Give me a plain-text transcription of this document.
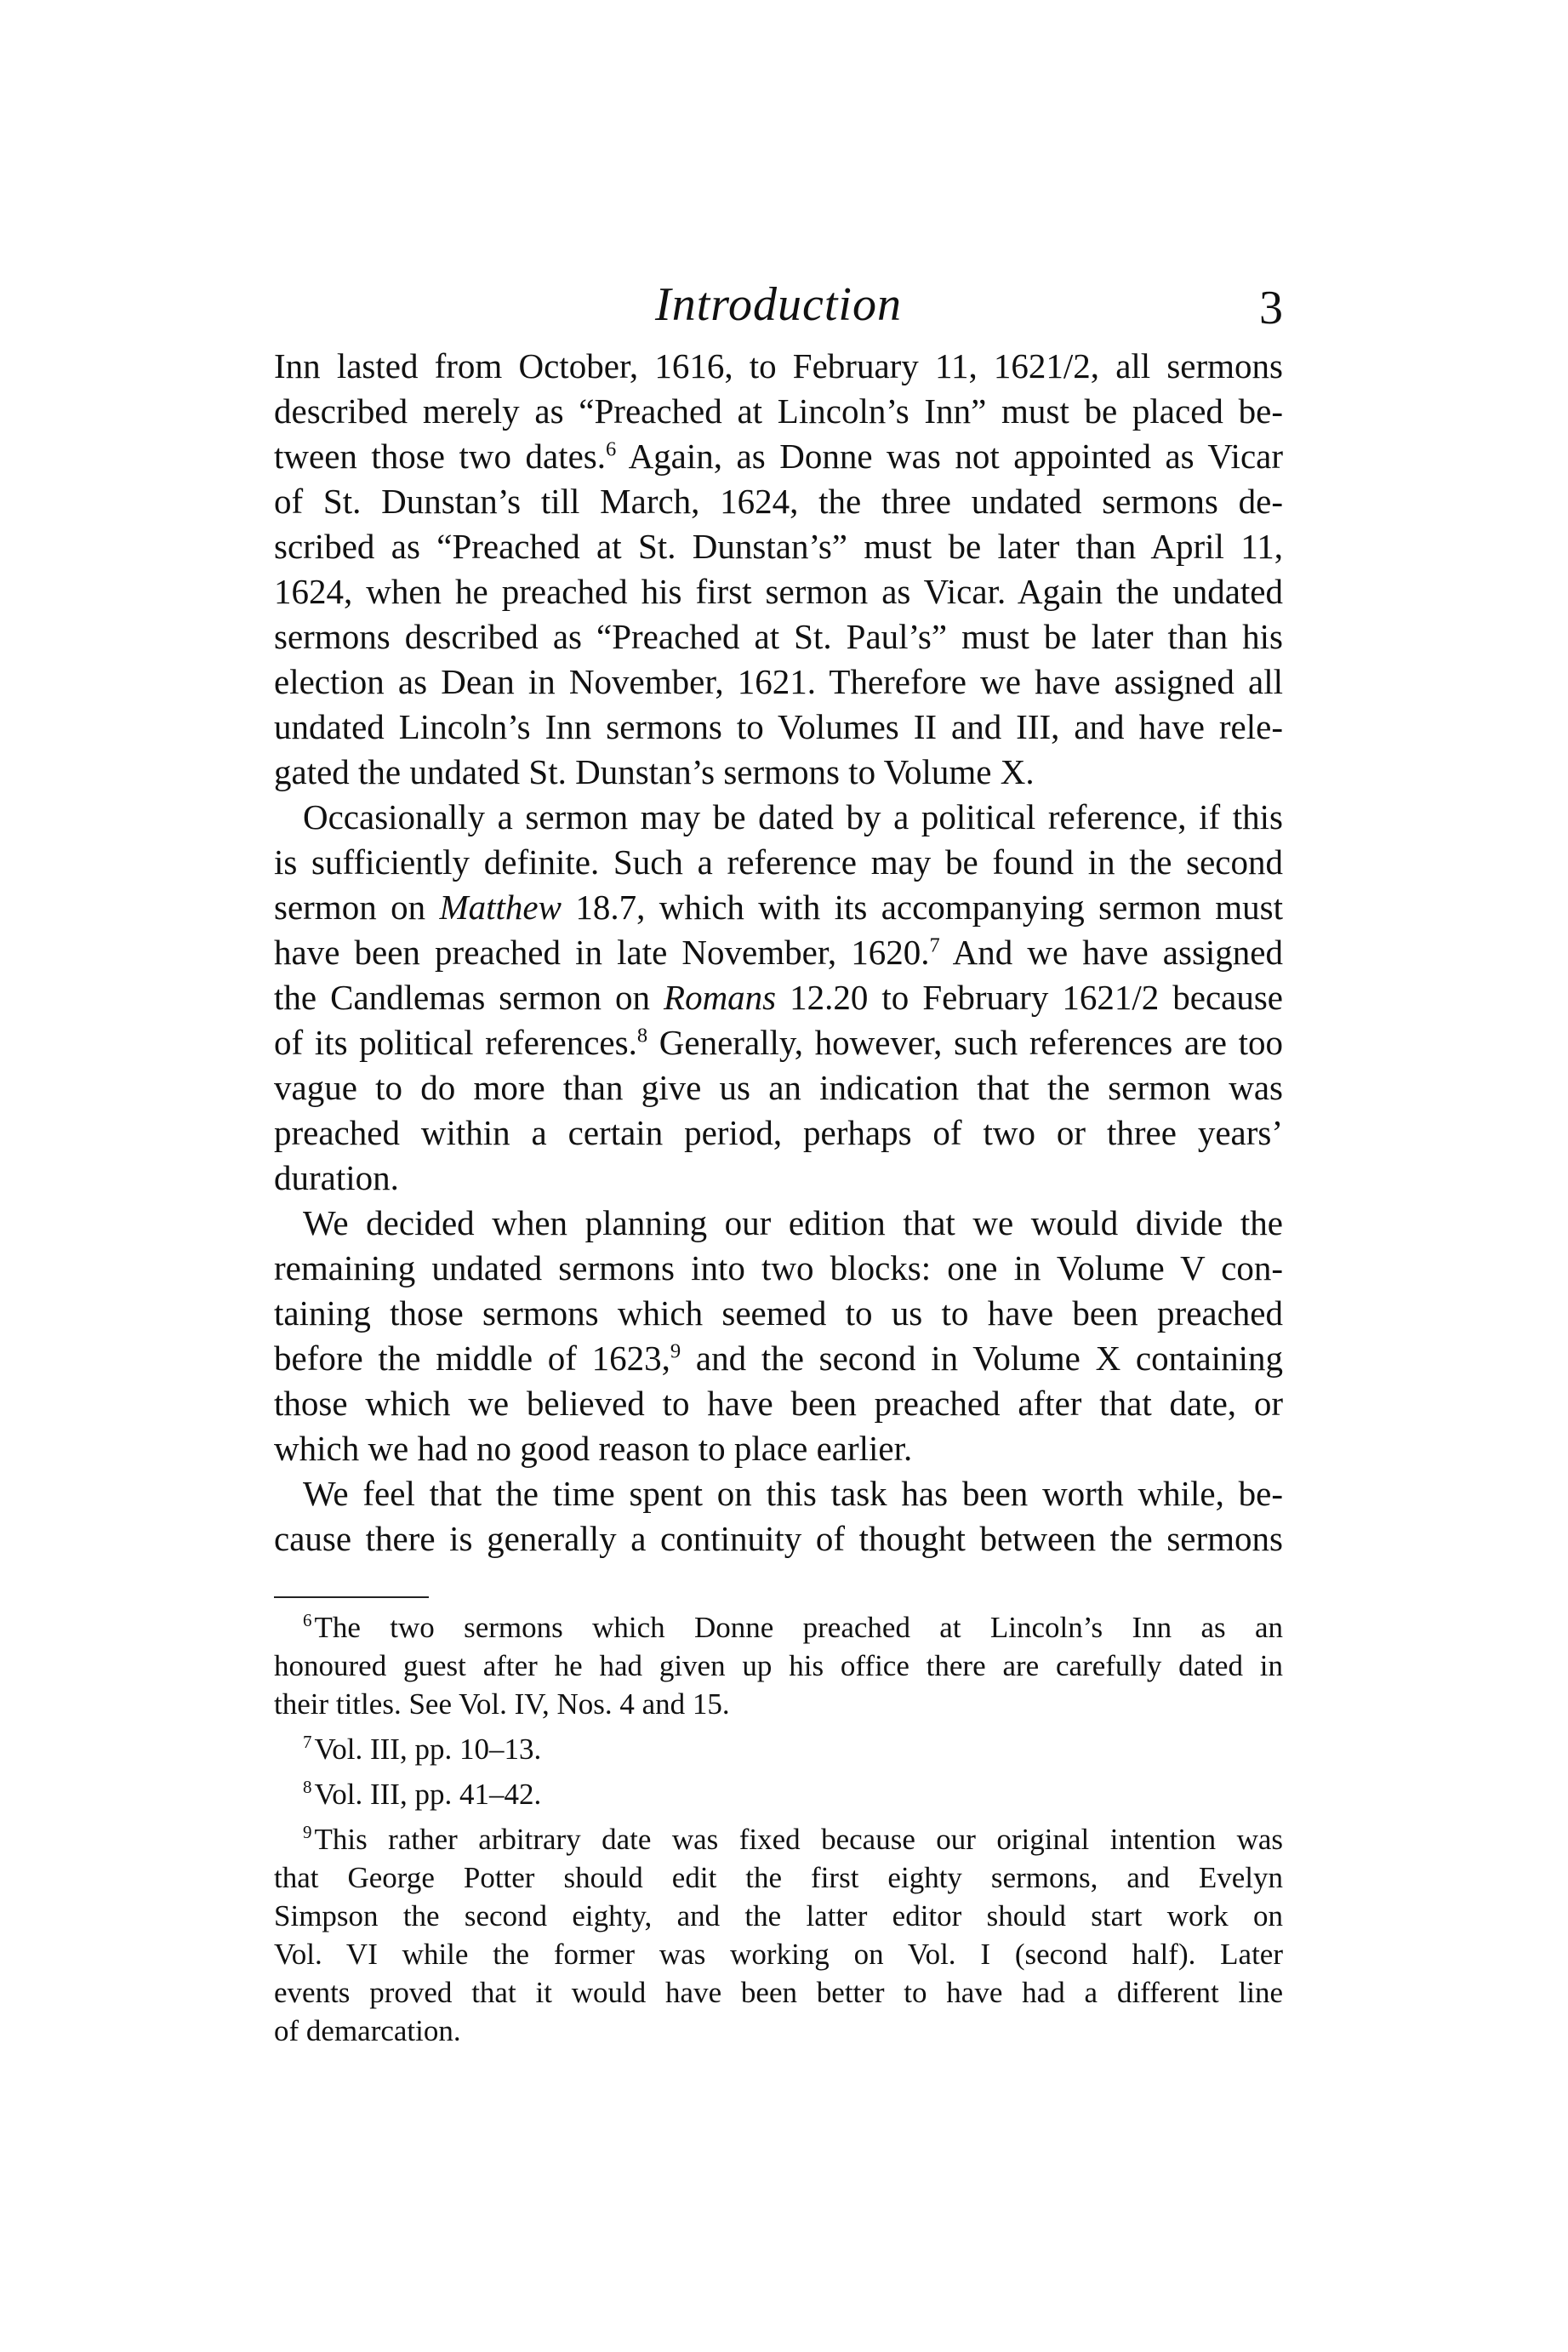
Introduction	3
Inn lasted from October, 1616, to February 11, 1621/2, all sermons
described merely as “Preached at Lincoln’s Inn” must be placed be-
tween those two dates.$^6$ Again, as Donne was not appointed as Vicar
of St. Dunstan’s till March, 1624, the three undated sermons de-
scribed as “Preached at St. Dunstan’s” must be later than April 11,
1624, when he preached his first sermon as Vicar. Again the undated
sermons described as “Preached at St. Paul’s” must be later than his
election as Dean in November, 1621. Therefore we have assigned all
undated Lincoln’s Inn sermons to Volumes II and III, and have rele-
gated the undated St. Dunstan’s sermons to Volume X.
Occasionally a sermon may be dated by a political reference, if this
is sufficiently definite. Such a reference may be found in the second
sermon on Matthew 18.7, which with its accompanying sermon must
have been preached in late November, 1620.$^7$ And we have assigned
the Candlemas sermon on Romans 12.20 to February 1621/2 because
of its political references.$^8$ Generally, however, such references are too
vague to do more than give us an indication that the sermon was
preached within a certain period, perhaps of two or three years’
duration.
We decided when planning our edition that we would divide the
remaining undated sermons into two blocks: one in Volume V con-
taining those sermons which seemed to us to have been preached
before the middle of 1623,$^9$ and the second in Volume X containing
those which we believed to have been preached after that date, or
which we had no good reason to place earlier.
We feel that the time spent on this task has been worth while, be-
cause there is generally a continuity of thought between the sermons
$^6$The two sermons which Donne preached at Lincoln’s Inn as an
honoured guest after he had given up his office there are carefully dated in
their titles. See Vol. IV, Nos. 4 and 15.
$^7$Vol. III, pp. 10–13.
$^8$Vol. III, pp. 41–42.
$^9$This rather arbitrary date was fixed because our original intention was
that George Potter should edit the first eighty sermons, and Evelyn
Simpson the second eighty, and the latter editor should start work on
Vol. VI while the former was working on Vol. I (second half). Later
events proved that it would have been better to have had a different line
of demarcation.
